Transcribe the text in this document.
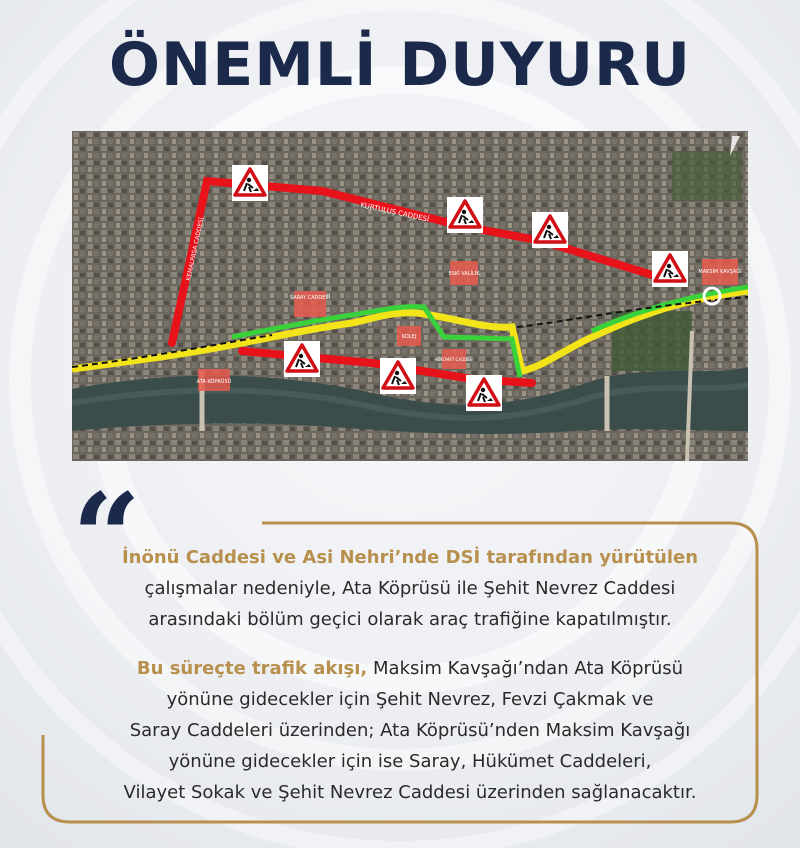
ÖNEMLİ DUYURU
SARAY CADDESİ
ESKİ VALİLİK	MAKSİM KAVŞAĞI
KOLEJ
HÜKÜMET CADDESİ
ATA KÖPRÜSÜ
KURTULUŞ CADDESİ
KEMALPAŞA CADDESİ
“

İnönü Caddesi ve Asi Nehri’nde DSİ tarafından yürütülen

çalışmalar nedeniyle, Ata Köprüsü ile Şehit Nevrez Caddesi

arasındaki bölüm geçici olarak araç trafiğine kapatılmıştır.

Bu süreçte trafik akışı, Maksim Kavşağı’ndan Ata Köprüsü

yönüne gidecekler için Şehit Nevrez, Fevzi Çakmak ve

Saray Caddeleri üzerinden; Ata Köprüsü’nden Maksim Kavşağı

yönüne gidecekler için ise Saray, Hükümet Caddeleri,

Vilayet Sokak ve Şehit Nevrez Caddesi üzerinden sağlanacaktır.
